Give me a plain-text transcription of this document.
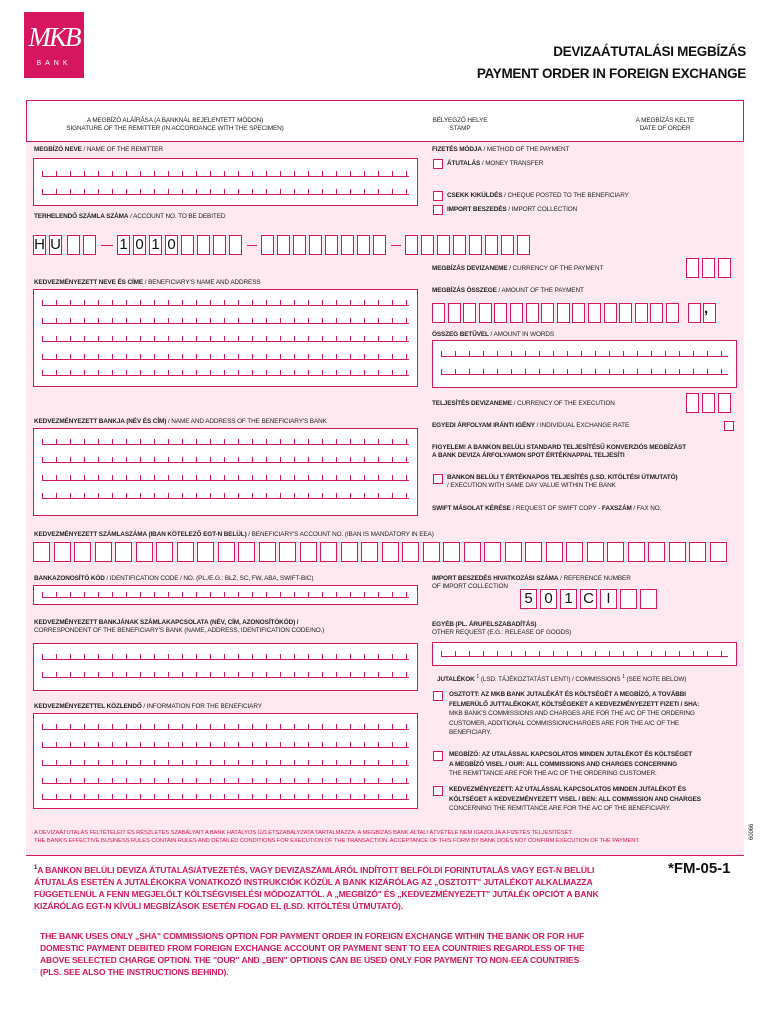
MKB
BANK
DEVIZAÁTUTALÁSI MEGBÍZÁS
PAYMENT ORDER IN FOREIGN EXCHANGE
A MEGBÍZÓ ALÁÍRÁSA (A BANKNÁL BEJELENTETT MÓDON)
SIGNATURE OF THE REMITTER (IN ACCORDANCE WITH THE SPECIMEN)
BÉLYEGZŐ HELYE
STAMP
A MEGBÍZÁS KELTE
DATE OF ORDER
MEGBÍZÓ NEVE / NAME OF THE REMITTER
TERHELENDŐ SZÁMLA SZÁMA / ACCOUNT NO. TO BE DEBITED
H U	1 0 1 0
KEDVEZMÉNYEZETT NEVE ÉS CÍME / BENEFICIARY'S NAME AND ADDRESS
KEDVEZMÉNYEZETT BANKJA (NÉV ÉS CÍM) / NAME AND ADDRESS OF THE BENEFICIARY'S BANK
KEDVEZMÉNYEZETT SZÁMLASZÁMA (IBAN KÖTELEZŐ EGT-N BELÜL) / BENEFICIARY'S ACCOUNT NO. (IBAN IS MANDATORY IN EEA)
BANKAZONOSÍTÓ KÓD / IDENTIFICATION CODE / NO. (PL./E.G.: BLZ, SC, FW, ABA, SWIFT-BIC)
KEDVEZMÉNYEZETT BANKJÁNAK SZÁMLAKAPCSOLATA (NÉV, CÍM, AZONOSÍTÓKÓD) /
CORRESPONDENT OF THE BENEFICIARY'S BANK (NAME, ADDRESS, IDENTIFICATION CODE/NO.)
KEDVEZMÉNYEZETTEL KÖZLENDŐ / INFORMATION FOR THE BENEFICIARY
FIZETÉS MÓDJA / METHOD OF THE PAYMENT
ÁTUTALÁS / MONEY TRANSFER
CSEKK KIKÜLDÉS / CHEQUE POSTED TO THE BENEFICIARY
IMPORT BESZEDÉS / IMPORT COLLECTION
MEGBÍZÁS DEVIZANEME / CURRENCY OF THE PAYMENT
MEGBÍZÁS ÖSSZEGE / AMOUNT OF THE PAYMENT
,
ÖSSZEG BETŰVEL / AMOUNT IN WORDS
TELJESÍTÉS DEVIZANEME / CURRENCY OF THE EXECUTION
EGYEDI ÁRFOLYAM IRÁNTI IGÉNY / INDIVIDUAL EXCHANGE RATE
FIGYELEM! A BANKON BELÜLI STANDARD TELJESÍTÉSŰ KONVERZIÓS MEGBÍZÁST
A BANK DEVIZA ÁRFOLYAMON SPOT ÉRTÉKNAPPAL TELJESÍTI
BANKON BELÜLI T ÉRTÉKNAPOS TELJESÍTÉS (LSD. KITÖLTÉSI ÚTMUTATÓ)
/ EXECUTION WITH SAME DAY VALUE WITHIN THE BANK
SWIFT MÁSOLAT KÉRÉSE / REQUEST OF SWIFT COPY - FAXSZÁM / FAX NO.
IMPORT BESZEDÉS HIVATKOZÁSI SZÁMA / REFERENCE NUMBER
OF IMPORT COLLECTION
5 0 1 C I
EGYÉB (PL. ÁRUFELSZABADÍTÁS)
OTHER REQUEST (E.G.: RELEASE OF GOODS)
JUTALÉKOK $^1$ (LSD. TÁJÉKOZTATÁST LENT!) / COMMISSIONS $^1$ (SEE NOTE BELOW)
OSZTOTT: AZ MKB BANK JUTALÉKÁT ÉS KÖLTSÉGÉT A MEGBÍZÓ, A TOVÁBBI
FELMERÜLŐ JUTTALÉKOKAT, KÖLTSÉGEKET A KEDVEZMÉNYEZETT FIZETI / SHA:
MKB BANK'S COMMISSIONS AND CHARGES ARE FOR THE A/C OF THE ORDERING
CUSTOMER, ADDITIONAL COMMISSION/CHARGES ARE FOR THE A/C OF THE
BENEFICIARY.
MEGBÍZÓ: AZ UTALÁSSAL KAPCSOLATOS MINDEN JUTALÉKOT ÉS KÖLTSÉGET
A MEGBÍZÓ VISEL / OUR: ALL COMMISSIONS AND CHARGES CONCERNING
THE REMITTANCE ARE FOR THE A/C OF THE ORDERING CUSTOMER.
KEDVEZMÉNYEZETT: AZ UTALÁSSAL KAPCSOLATOS MINDEN JUTALÉKOT ÉS
KÖLTSÉGET A KEDVEZMÉNYEZETT VISEL / BEN: ALL COMMISSION AND CHARGES
CONCERNING THE REMITTANCE ARE FOR THE A/C OF THE BENEFICIARY.
A DEVIZAÁTUTALÁS FELTÉTELEIT ÉS RÉSZLETES SZABÁLYAIT A BANK HATÁLYOS ÜZLETSZABÁLYZATA TARTALMAZZA. A MEGBÍZÁS BANK ÁLTALI ÁTVÉTELE NEM IGAZOLJA A FIZETÉS TELJESÍTÉSÉT.
THE BANK'S EFFECTIVE BUSINESS RULES CONTAIN RULES AND DETAILED CONDITIONS FOR EXECUTION OF THE TRANSACTION. ACCEPTANCE OF THIS FORM BY BANK DOES NOT CONFIRM EXECUTION OF THE PAYMENT.
60066
*FM-05-1
$^1$A BANKON BELÜLI DEVIZA ÁTUTALÁS/ÁTVEZETÉS, VAGY DEVIZASZÁMLÁRÓL INDÍTOTT BELFÖLDI FORINTUTALÁS VAGY EGT-N BELÜLI
ÁTUTALÁS ESETÉN A JUTALÉKOKRA VONATKOZÓ INSTRUKCIÓK KÖZÜL A BANK KIZÁRÓLAG AZ „OSZTOTT" JUTALÉKOT ALKALMAZZA
FÜGGETLENÜL A FENN MEGJELÖLT KÖLTSÉGVISELÉSI MÓDOZATTÓL. A „MEGBÍZÓ" ÉS „KEDVEZMÉNYEZETT" JUTALÉK OPCIÓT A BANK
KIZÁRÓLAG EGT-N KÍVÜLI MEGBÍZÁSOK ESETÉN FOGAD EL (LSD. KITÖLTÉSI ÚTMUTATÓ).
THE BANK USES ONLY „SHA" COMMISSIONS OPTION FOR PAYMENT ORDER IN FOREIGN EXCHANGE WITHIN THE BANK OR FOR HUF
DOMESTIC PAYMENT DEBITED FROM FOREIGN EXCHANGE ACCOUNT OR PAYMENT SENT TO EEA COUNTRIES REGARDLESS OF THE
ABOVE SELECTED CHARGE OPTION. THE "OUR" AND „BEN" OPTIONS CAN BE USED ONLY FOR PAYMENT TO NON-EEA COUNTRIES
(PLS. SEE ALSO THE INSTRUCTIONS BEHIND).
